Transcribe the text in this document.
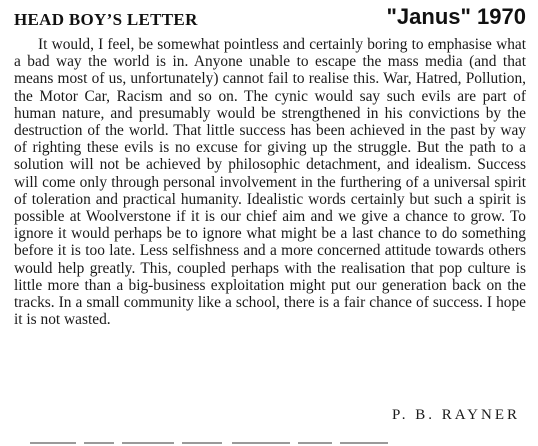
HEAD BOY’S LETTER	"Janus" 1970

It would, I feel, be somewhat pointless and certainly boring to emphasise what a bad way the world is in. Anyone unable to escape the mass media (and that means most of us, unfortunately) cannot fail to realise this. War, Hatred, Pollution, the Motor Car, Racism and so on. The cynic would say such evils are part of human nature, and presumably would be strengthened in his convictions by the destruction of the world. That little success has been achieved in the past by way of righting these evils is no excuse for giving up the struggle. But the path to a solution will not be achieved by philosophic detachment, and idealism. Success will come only through personal involvement in the furthering of a universal spirit of toleration and practical humanity. Idealistic words certainly but such a spirit is possible at Woolverstone if it is our chief aim and we give a chance to grow. To ignore it would perhaps be to ignore what might be a last chance to do something before it is too late. Less selfishness and a more concerned attitude towards others would help greatly. This, coupled perhaps with the realisation that pop culture is little more than a big-business exploitation might put our generation back on the tracks. In a small community like a school, there is a fair chance of success. I hope it is not wasted.

P. B. RAYNER
